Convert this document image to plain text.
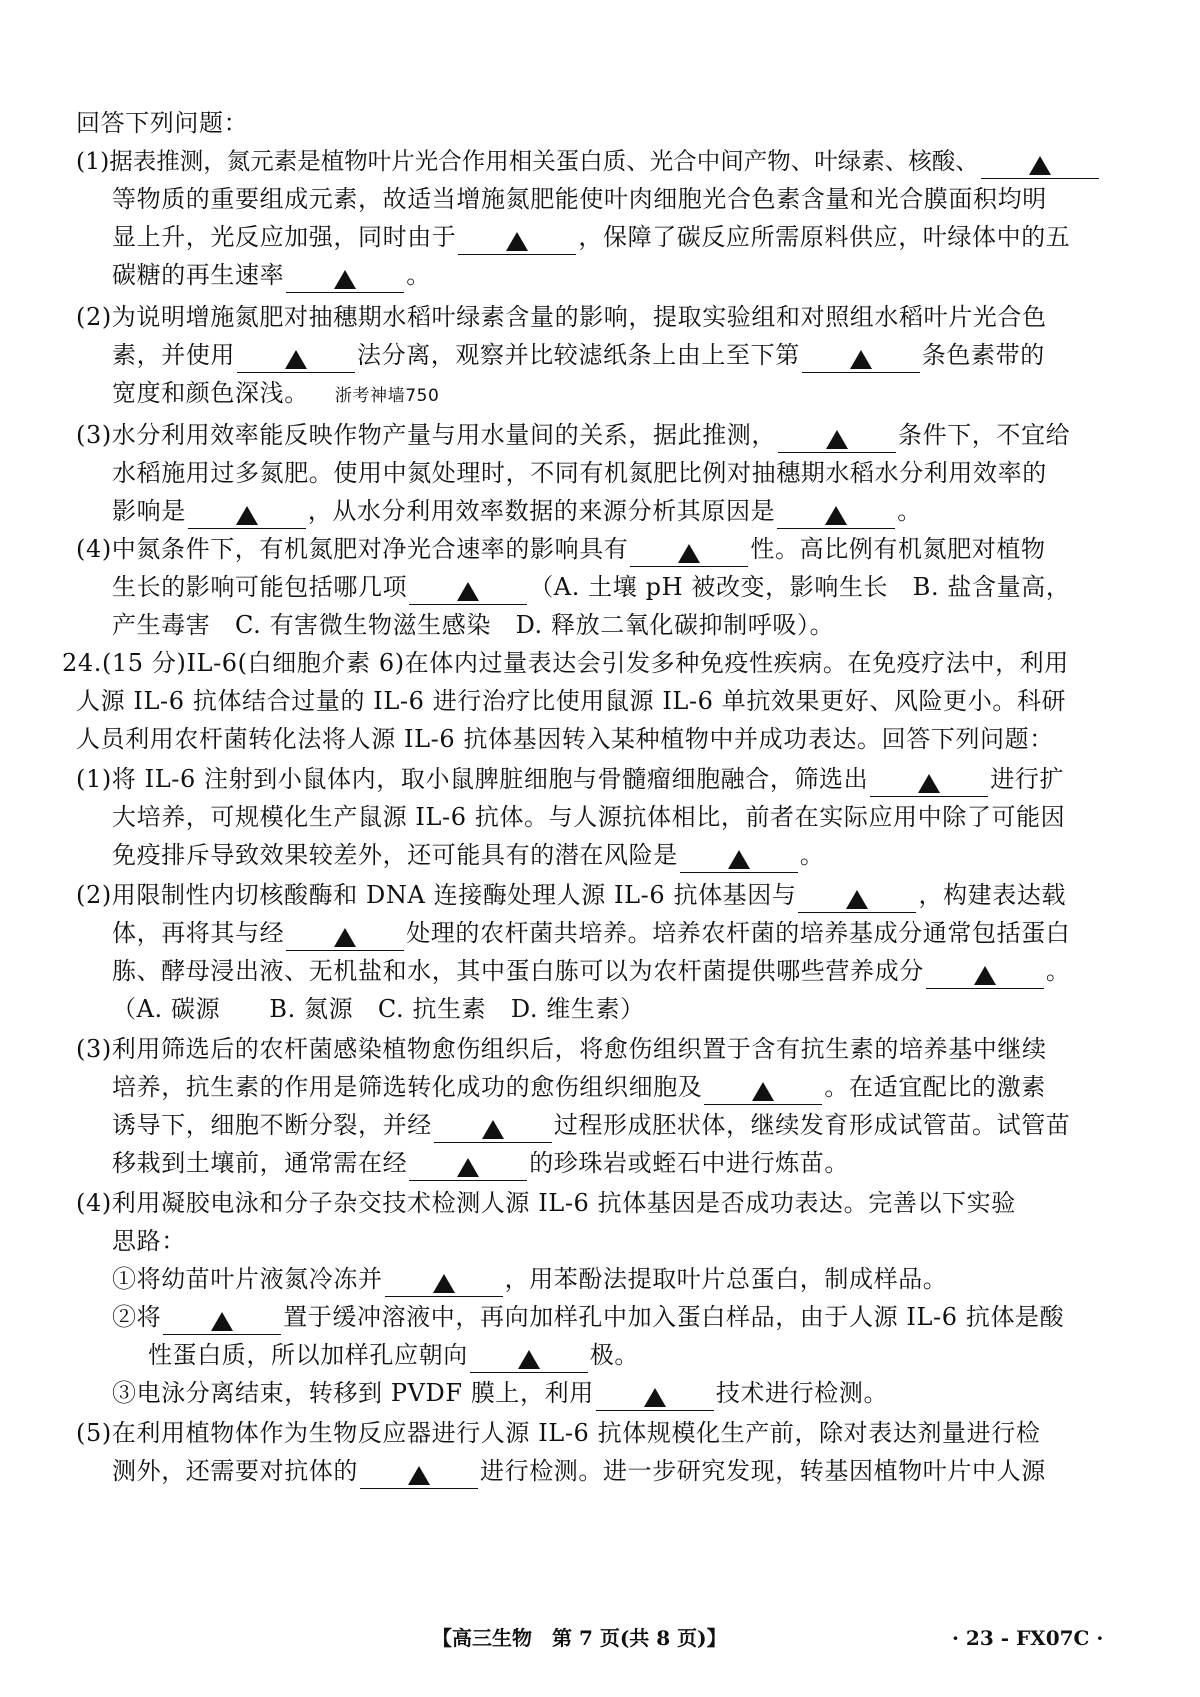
回答下列问题：
(1)据表推测，氮元素是植物叶片光合作用相关蛋白质、光合中间产物、叶绿素、核酸、
等物质的重要组成元素，故适当增施氮肥能使叶肉细胞光合色素含量和光合膜面积均明
显上升，光反应加强，同时由于	，保障了碳反应所需原料供应，叶绿体中的五
碳糖的再生速率	。
(2)为说明增施氮肥对抽穗期水稻叶绿素含量的影响，提取实验组和对照组水稻叶片光合色
素，并使用	法分离，观察并比较滤纸条上由上至下第	条色素带的
宽度和颜色深浅。 浙考神墙750
(3)水分利用效率能反映作物产量与用水量间的关系，据此推测，	条件下，不宜给
水稻施用过多氮肥。使用中氮处理时，不同有机氮肥比例对抽穗期水稻水分利用效率的
影响是	，从水分利用效率数据的来源分析其原因是	。
(4)中氮条件下，有机氮肥对净光合速率的影响具有	性。高比例有机氮肥对植物
生长的影响可能包括哪几项	（A. 土壤 pH 被改变，影响生长　B. 盐含量高，
产生毒害　C. 有害微生物滋生感染　D. 释放二氧化碳抑制呼吸）。
24.(15 分)IL-6(白细胞介素 6)在体内过量表达会引发多种免疫性疾病。在免疫疗法中，利用
人源 IL-6 抗体结合过量的 IL-6 进行治疗比使用鼠源 IL-6 单抗效果更好、风险更小。科研
人员利用农杆菌转化法将人源 IL-6 抗体基因转入某种植物中并成功表达。回答下列问题：
(1)将 IL-6 注射到小鼠体内，取小鼠脾脏细胞与骨髓瘤细胞融合，筛选出	进行扩
大培养，可规模化生产鼠源 IL-6 抗体。与人源抗体相比，前者在实际应用中除了可能因
免疫排斥导致效果较差外，还可能具有的潜在风险是	。
(2)用限制性内切核酸酶和 DNA 连接酶处理人源 IL-6 抗体基因与	，构建表达载
体，再将其与经	处理的农杆菌共培养。培养农杆菌的培养基成分通常包括蛋白
胨、酵母浸出液、无机盐和水，其中蛋白胨可以为农杆菌提供哪些营养成分	。
（A. 碳源　　B. 氮源　C. 抗生素　D. 维生素）
(3)利用筛选后的农杆菌感染植物愈伤组织后，将愈伤组织置于含有抗生素的培养基中继续
培养，抗生素的作用是筛选转化成功的愈伤组织细胞及	。在适宜配比的激素
诱导下，细胞不断分裂，并经	过程形成胚状体，继续发育形成试管苗。试管苗
移栽到土壤前，通常需在经	的珍珠岩或蛭石中进行炼苗。
(4)利用凝胶电泳和分子杂交技术检测人源 IL-6 抗体基因是否成功表达。完善以下实验
思路：
①将幼苗叶片液氮冷冻并	，用苯酚法提取叶片总蛋白，制成样品。
②将	置于缓冲溶液中，再向加样孔中加入蛋白样品，由于人源 IL-6 抗体是酸
性蛋白质，所以加样孔应朝向	极。
③电泳分离结束，转移到 PVDF 膜上，利用	技术进行检测。
(5)在利用植物体作为生物反应器进行人源 IL-6 抗体规模化生产前，除对表达剂量进行检
测外，还需要对抗体的	进行检测。进一步研究发现，转基因植物叶片中人源
【高三生物　第 7 页(共 8 页)】	· 23 - FX07C ·
